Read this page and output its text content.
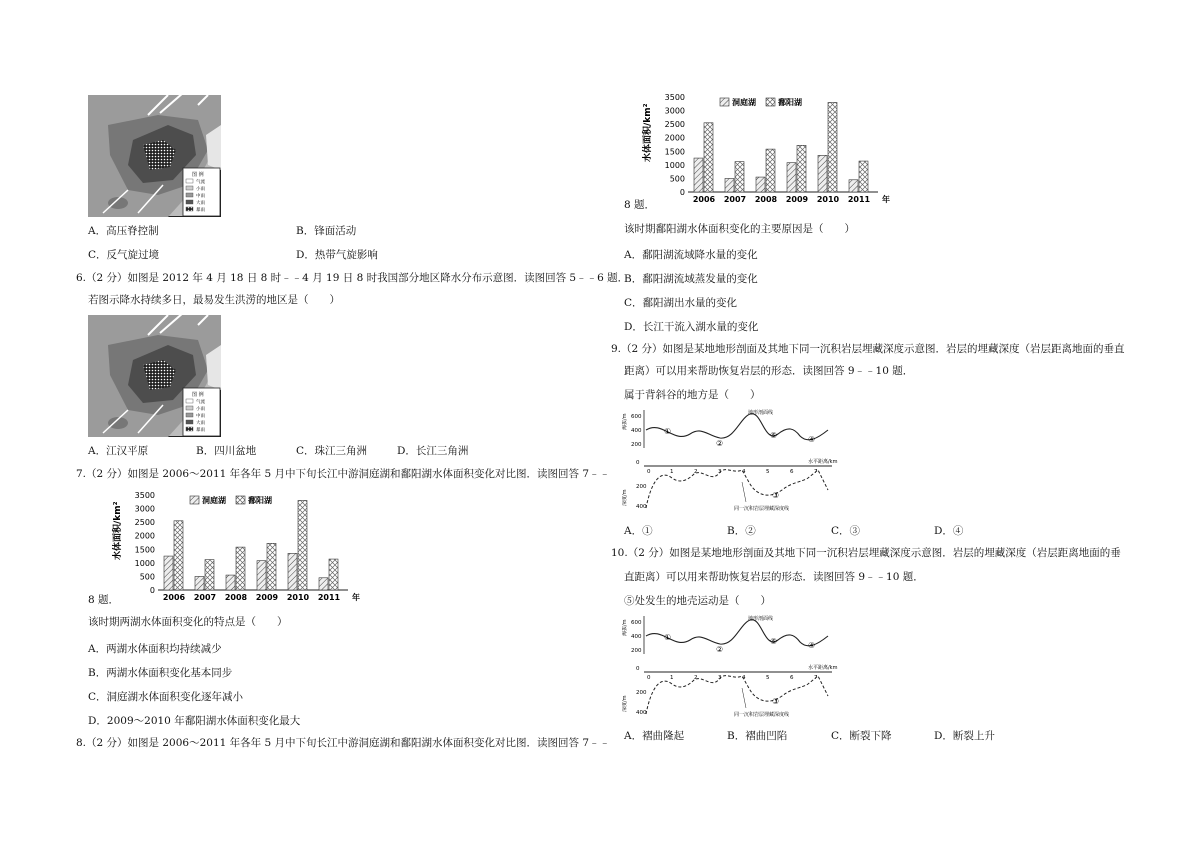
图 例
气流
小雨
中雨
大雨
暴雨
A．高压脊控制	B．锋面活动
C．反气旋过境	D．热带气旋影响
6.（2 分）如图是 2012 年 4 月 18 日 8 时﹣﹣4 月 19 日 8 时我国部分地区降水分布示意图．读图回答 5﹣﹣6 题．
若图示降水持续多日，最易发生洪涝的地区是（　　）
图 例
气流
小雨
中雨
大雨
暴雨
A．江汉平原	B．四川盆地	C．珠江三角洲	D．长江三角洲
7.（2 分）如图是 2006～2011 年各年 5 月中下旬长江中游洞庭湖和鄱阳湖水体面积变化对比图．读图回答 7﹣﹣
水体面积/km²
0
500
1000
1500
2000
2500
3000
3500
洞庭湖	鄱阳湖
2006 2007 2008 2009 2010 2011 年
8 题．
该时期两湖水体面积变化的特点是（　　）
A．两湖水体面积均持续减少
B．两湖水体面积变化基本同步
C．洞庭湖水体面积变化逐年减小
D．2009～2010 年鄱阳湖水体面积变化最大
8.（2 分）如图是 2006～2011 年各年 5 月中下旬长江中游洞庭湖和鄱阳湖水体面积变化对比图．读图回答 7﹣﹣
水体面积/km²
0
500
1000
1500
2000
2500
3000
3500
洞庭湖	鄱阳湖
2006 2007 2008 2009 2010 2011 年
8 题．
该时期鄱阳湖水体面积变化的主要原因是（　　）
A．鄱阳湖流域降水量的变化
B．鄱阳湖流域蒸发量的变化
C．鄱阳湖出水量的变化
D．长江干流入湖水量的变化
9.（2 分）如图是某地地形剖面及其地下同一沉积岩层埋藏深度示意图．岩层的埋藏深度（岩层距离地面的垂直
距离）可以用来帮助恢复岩层的形态．读图回答 9﹣﹣10 题．
属于背斜谷的地方是（　　）
海拔/m 600
400
200
地形剖面线
①
②
⑤	④
水平距离/km
0
200
400
深度/m
0	1	2	3	4	5	6	7
③
同一沉积岩层埋藏深度线
A．①	B．②	C．③	D．④
10.（2 分）如图是某地地形剖面及其地下同一沉积岩层埋藏深度示意图．岩层的埋藏深度（岩层距离地面的垂
直距离）可以用来帮助恢复岩层的形态．读图回答 9﹣﹣10 题．
⑤处发生的地壳运动是（　　）
海拔/m 600
400
200
地形剖面线
①
②
⑤	④
水平距离/km
0
200
400
深度/m
0	1	2	3	4	5	6	7
③
同一沉积岩层埋藏深度线
A．褶曲隆起	B．褶曲凹陷	C．断裂下降	D．断裂上升
